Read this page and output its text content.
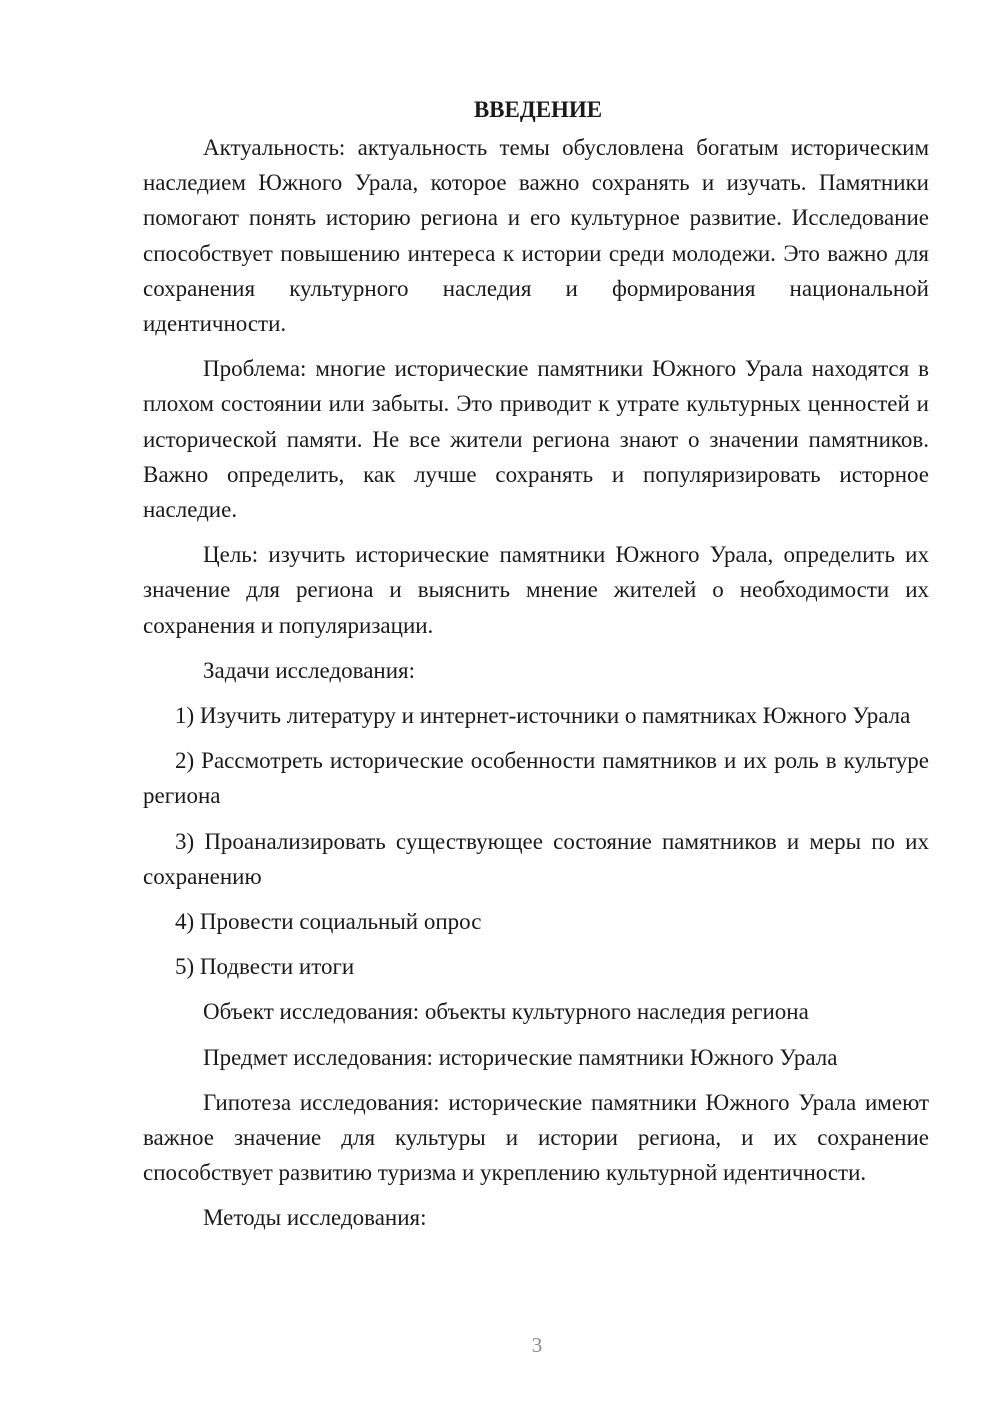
ВВЕДЕНИЕ

Актуальность: актуальность темы обусловлена богатым историческим наследием Южного Урала, которое важно сохранять и изучать. Памятники помогают понять историю региона и его культурное развитие. Исследование способствует повышению интереса к истории среди молодежи. Это важно для сохранения культурного наследия и формирования национальной идентичности.

Проблема: многие исторические памятники Южного Урала находятся в плохом состоянии или забыты. Это приводит к утрате культурных ценностей и исторической памяти. Не все жители региона знают о значении памятников. Важно определить, как лучше сохранять и популяризировать исторное наследие.

Цель: изучить исторические памятники Южного Урала, определить их значение для региона и выяснить мнение жителей о необходимости их сохранения и популяризации.

Задачи исследования:

1) Изучить литературу и интернет-источники о памятниках Южного Урала

2) Рассмотреть исторические особенности памятников и их роль в культуре региона

3) Проанализировать существующее состояние памятников и меры по их сохранению

4) Провести социальный опрос

5) Подвести итоги

Объект исследования: объекты культурного наследия региона

Предмет исследования: исторические памятники Южного Урала

Гипотеза исследования: исторические памятники Южного Урала имеют важное значение для культуры и истории региона, и их сохранение способствует развитию туризма и укреплению культурной идентичности.

Методы исследования:

3
